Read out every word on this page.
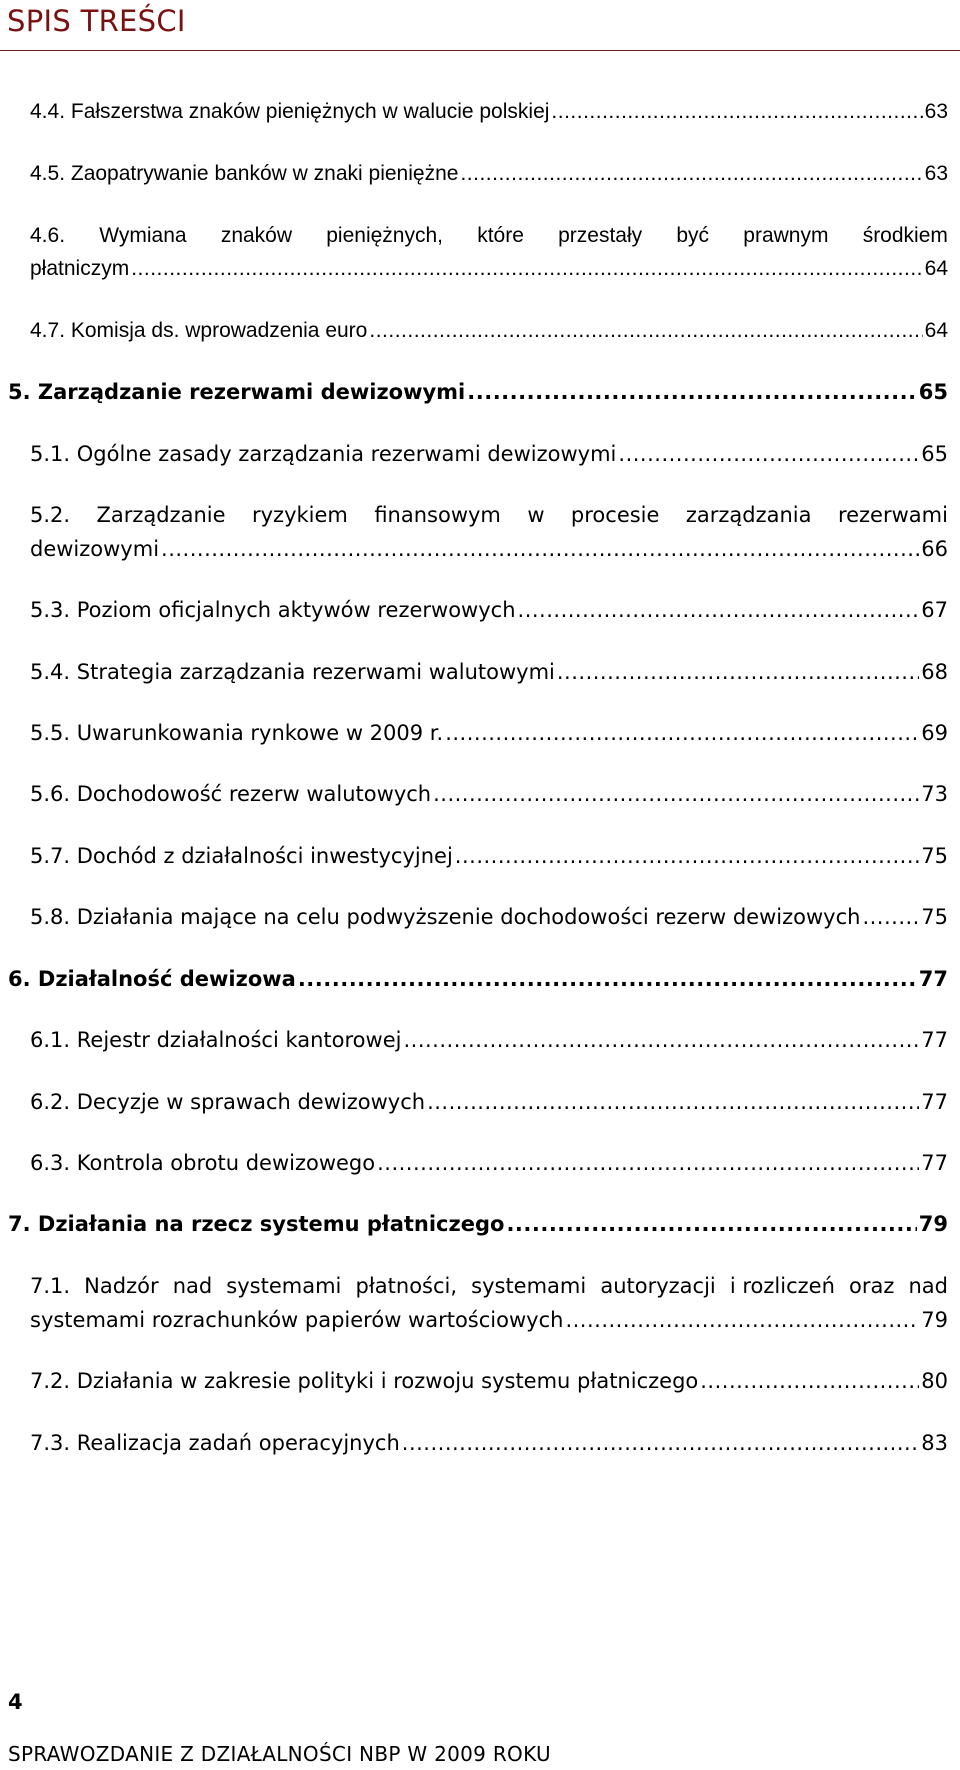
SPIS TREŚCI
4.4. Fałszerstwa znaków pieniężnych w walucie polskiej .....	63
4.5. Zaopatrywanie banków w znaki pieniężne .....	63
4.6. Wymiana znaków pieniężnych, które przestały być prawnym środkiem
płatniczym .....	64
4.7. Komisja ds. wprowadzenia euro .....	64
5. Zarządzanie rezerwami dewizowymi .....	65
5.1. Ogólne zasady zarządzania rezerwami dewizowymi .....	65
5.2. Zarządzanie ryzykiem finansowym w procesie zarządzania rezerwami
dewizowymi .....	66
5.3. Poziom oficjalnych aktywów rezerwowych .....	67
5.4. Strategia zarządzania rezerwami walutowymi .....	68
5.5. Uwarunkowania rynkowe w 2009 r. .....	69
5.6. Dochodowość rezerw walutowych .....	73
5.7. Dochód z działalności inwestycyjnej .....	75
5.8. Działania mające na celu podwyższenie dochodowości rezerw dewizowych .....	75
6. Działalność dewizowa .....	77
6.1. Rejestr działalności kantorowej .....	77
6.2. Decyzje w sprawach dewizowych .....	77
6.3. Kontrola obrotu dewizowego .....	77
7. Działania na rzecz systemu płatniczego .....	79
7.1. Nadzór nad systemami płatności, systemami autoryzacji i rozliczeń oraz nad
systemami rozrachunków papierów wartościowych .....	79
7.2. Działania w zakresie polityki i rozwoju systemu płatniczego .....	80
7.3. Realizacja zadań operacyjnych .....	83
4
SPRAWOZDANIE Z DZIAŁALNOŚCI NBP W 2009 ROKU
